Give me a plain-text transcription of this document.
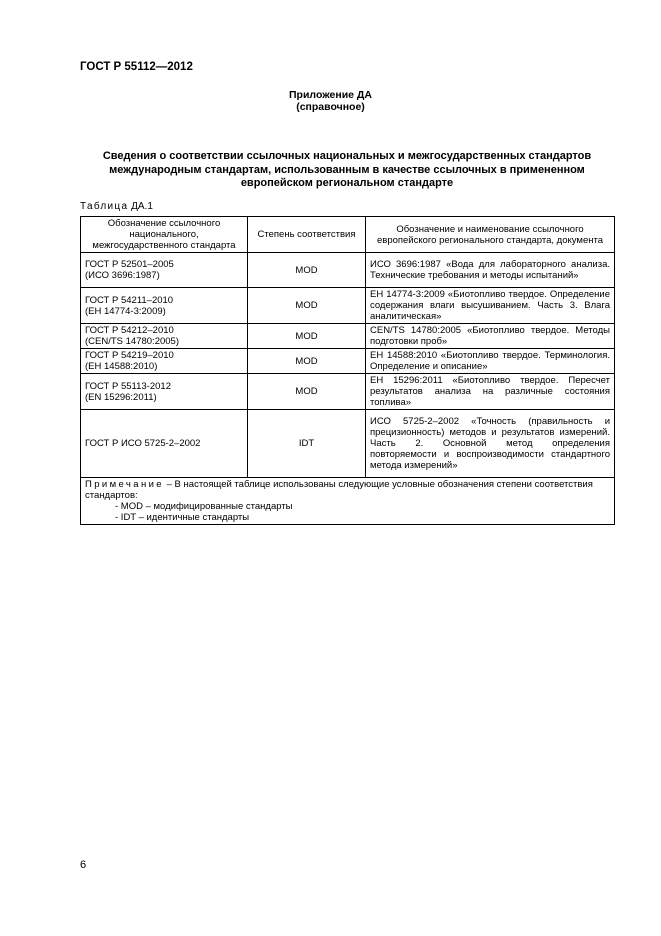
ГОСТ Р 55112—2012
Приложение ДА
(справочное)
Сведения о соответствии ссылочных национальных и межгосударственных стандартов
международным стандартам, использованным в качестве ссылочных в примененном
европейском региональном стандарте
Таблица ДА.1
Обозначение ссылочного национального, межгосударственного стандарта	Степень соответствия	Обозначение и наименование ссылочного европейского регионального стандарта, документа

ГОСТ Р 52501–2005
(ИСО 3696:1987)	MOD	ИСО 3696:1987 «Вода для лабораторного анализа. Технические требования и методы испытаний»

ГОСТ Р 54211–2010
(ЕН 14774-3:2009)	MOD	ЕН 14774-3:2009 «Биотопливо твердое. Определение содержания влаги высушиванием. Часть 3. Влага аналитическая»

ГОСТ Р 54212–2010
(CEN/TS 14780:2005)	MOD	CEN/TS 14780:2005 «Биотопливо твердое. Методы подготовки проб»

ГОСТ Р 54219–2010
(ЕН 14588:2010)	MOD	ЕН 14588:2010 «Биотопливо твердое. Терминология. Определение и описание»

ГОСТ Р 55113-2012
(EN 15296:2011)	MOD	ЕН 15296:2011 «Биотопливо твердое. Пересчет результатов анализа на различные состояния топлива»

ГОСТ Р ИСО 5725-2–2002	IDT	ИСО 5725-2–2002 «Точность (правильность и прецизионность) методов и результатов измерений. Часть 2. Основной метод определения повторяемости и воспроизводимости стандартного метода измерений»

Примечание – В настоящей таблице использованы следующие условные обозначения степени соответствия стандартов:
- MOD – модифицированные стандарты
- IDT – идентичные стандарты		
6
